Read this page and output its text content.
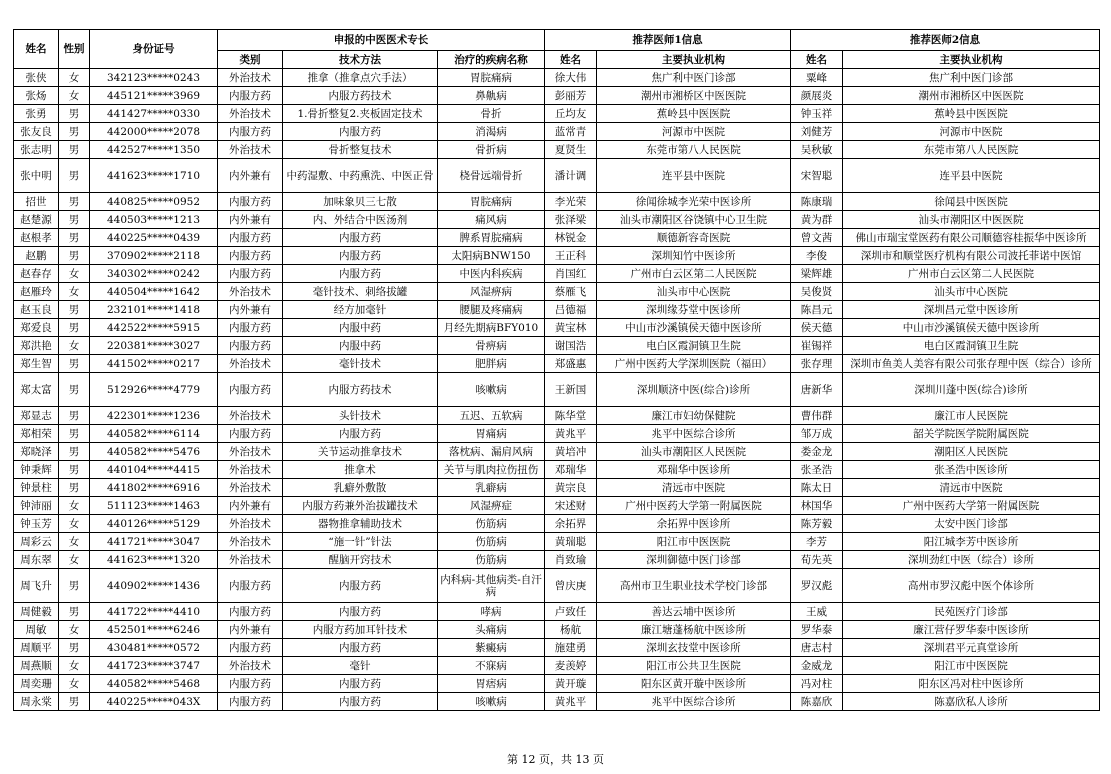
姓名	性别	身份证号	申报的中医医术专长			推荐医师1信息		推荐医师2信息	
			类别	技术方法	治疗的疾病名称	姓名	主要执业机构	姓名	主要执业机构
张侠	女	342123*****0243	外治技术	推拿（推拿点穴手法）	胃脘痛病	徐大伟	焦广利中医门诊部	粟峰	焦广利中医门诊部
张炀	女	445121*****3969	内服方药	内服方药技术	鼻鼽病	彭丽芳	潮州市湘桥区中医医院	颜展炎	潮州市湘桥区中医医院
张勇	男	441427*****0330	外治技术	1.骨折整复2.夹板固定技术	骨折	丘均友	蕉岭县中医医院	钟玉祥	蕉岭县中医医院
张友良	男	442000*****2078	内服方药	内服方药	消渴病	蓝常青	河源市中医院	刘健芳	河源市中医院
张志明	男	442527*****1350	外治技术	骨折整复技术	骨折病	夏贤生	东莞市第八人民医院	吴秋敏	东莞市第八人民医院
张中明	男	441623*****1710	内外兼有	中药湿敷、中药熏洗、中医正骨	桡骨远端骨折	潘计调	连平县中医院	宋智聪	连平县中医院
招世	男	440825*****0952	内服方药	加味象贝三七散	胃脘痛病	李光荣	徐闻徐城李光荣中医诊所	陈康瑞	徐闻县中医医院
赵楚源	男	440503*****1213	内外兼有	内、外结合中医汤剂	痛风病	张泽梁	汕头市潮阳区谷饶镇中心卫生院	黄为群	汕头市潮阳区中医医院
赵根孝	男	440225*****0439	内服方药	内服方药	脾系胃脘痛病	林锐金	顺德新容奇医院	曾文茜	佛山市瑞宝堂医药有限公司顺德容桂振华中医诊所
赵鹏	男	370902*****2118	内服方药	内服方药	太阳病BNW150	王正科	深圳知竹中医诊所	李俊	深圳市和顺堂医疗机构有限公司波托菲诺中医馆
赵春存	女	340302*****0242	内服方药	内服方药	中医内科疾病	肖国红	广州市白云区第二人民医院	梁辉雄	广州市白云区第二人民医院
赵雁玲	女	440504*****1642	外治技术	毫针技术、刺络拔罐	风湿痹病	蔡雁飞	汕头市中心医院	吴俊贤	汕头市中心医院
赵玉良	男	232101*****1418	内外兼有	经方加毫针	腰腿及疼痛病	吕德福	深圳缘芬堂中医诊所	陈昌元	深圳昌元堂中医诊所
郑爱良	男	442522*****5915	内服方药	内服中药	月经先期病BFY010	黄宝林	中山市沙溪镇侯天德中医诊所	侯天德	中山市沙溪镇侯天德中医诊所
郑洪艳	女	220381*****3027	内服方药	内服中药	骨痹病	谢国浩	电白区霞洞镇卫生院	崔锡祥	电白区霞洞镇卫生院
郑生智	男	441502*****0217	外治技术	毫针技术	肥胖病	郑盛惠	广州中医药大学深圳医院（福田）	张存理	深圳市鱼美人美容有限公司张存理中医（综合）诊所
郑太富	男	512926*****4779	内服方药	内服方药技术	咳嗽病	王新国	深圳顺济中医(综合)诊所	唐新华	深圳川蓬中医(综合)诊所
郑显志	男	422301*****1236	外治技术	头针技术	五迟、五软病	陈华堂	廉江市妇幼保健院	曹伟群	廉江市人民医院
郑相荣	男	440582*****6114	内服方药	内服方药	胃痛病	黄兆平	兆平中医综合诊所	邹万成	韶关学院医学院附属医院
郑晓泽	男	440582*****5476	外治技术	关节运动推拿技术	落枕病、漏肩风病	黄培冲	汕头市潮阳区人民医院	娄金龙	潮阳区人民医院
钟秉辉	男	440104*****4415	外治技术	推拿术	关节与肌肉拉伤扭伤	邓瑞华	邓瑞华中医诊所	张圣浩	张圣浩中医诊所
钟景柱	男	441802*****6916	外治技术	乳癖外敷散	乳癖病	黄宗良	清远市中医院	陈太日	清远市中医院
钟沛丽	女	511123*****1463	内外兼有	内服方药兼外治拔罐技术	风湿痹症	宋述财	广州中医药大学第一附属医院	林国华	广州中医药大学第一附属医院
钟玉芳	女	440126*****5129	外治技术	器物推拿辅助技术	伤筋病	余拓界	余拓界中医诊所	陈芳毅	太安中医门诊部
周彩云	女	441721*****3047	外治技术	“施一针”针法	伤筋病	黄瑞聪	阳江市中医医院	李芳	阳江城李芳中医诊所
周东翠	女	441623*****1320	外治技术	醒脑开窍技术	伤筋病	肖致瑜	深圳御德中医门诊部	荀先英	深圳劲红中医（综合）诊所
周飞升	男	440902*****1436	内服方药	内服方药	内科病-其他病类-自汗病	曾庆庚	高州市卫生职业技术学校门诊部	罗汉彪	高州市罗汉彪中医个体诊所
周健毅	男	441722*****4410	内服方药	内服方药	哮病	卢致任	善达云埔中医诊所	王威	民苑医疗门诊部
周敏	女	452501*****6246	内外兼有	内服方药加耳针技术	头痛病	杨航	廉江塘蓬杨航中医诊所	罗华泰	廉江营仔罗华泰中医诊所
周顺平	男	430481*****0572	内服方药	内服方药	紫癜病	施建勇	深圳玄技堂中医诊所	唐志村	深圳君平元真堂诊所
周燕顺	女	441723*****3747	外治技术	毫针	不寐病	麦羡婷	阳江市公共卫生医院	金威龙	阳江市中医医院
周奕珊	女	440582*****5468	内服方药	内服方药	胃痞病	黄开璇	阳东区黄开璇中医诊所	冯对柱	阳东区冯对柱中医诊所
周永棠	男	440225*****043X	内服方药	内服方药	咳嗽病	黄兆平	兆平中医综合诊所	陈嘉欣	陈嘉欣私人诊所
第 12 页，共 13 页
